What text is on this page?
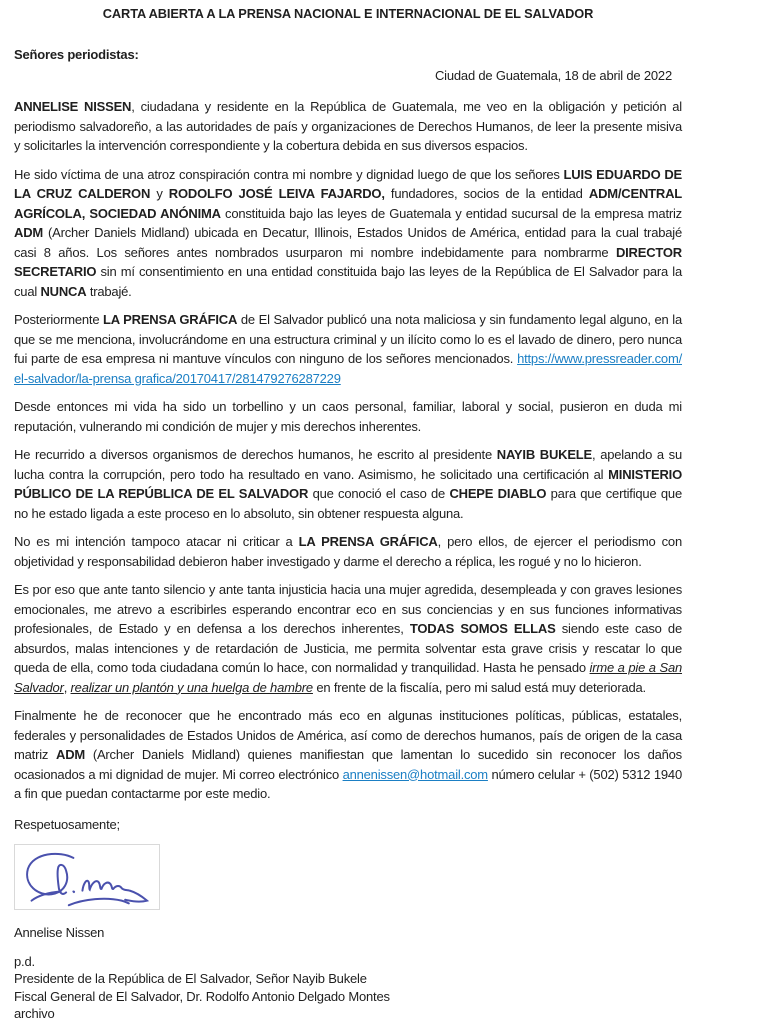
CARTA ABIERTA A LA PRENSA NACIONAL E INTERNACIONAL DE EL SALVADOR
Señores periodistas:
Ciudad de Guatemala, 18 de abril de 2022

ANNELISE NISSEN, ciudadana y residente en la República de Guatemala, me veo en la obligación y petición al periodismo salvadoreño, a las autoridades de país y organizaciones de Derechos Humanos, de leer la presente misiva y solicitarles la intervención correspondiente y la cobertura debida en sus diversos espacios.

He sido víctima de una atroz conspiración contra mi nombre y dignidad luego de que los señores LUIS EDUARDO DE LA CRUZ CALDERON y RODOLFO JOSÉ LEIVA FAJARDO, fundadores, socios de la entidad ADM/CENTRAL AGRÍCOLA, SOCIEDAD ANÓNIMA constituida bajo las leyes de Guatemala y entidad sucursal de la empresa matriz ADM (Archer Daniels Midland) ubicada en Decatur, Illinois, Estados Unidos de América, entidad para la cual trabajé casi 8 años. Los señores antes nombrados usurparon mi nombre indebidamente para nombrarme DIRECTOR SECRETARIO sin mí consentimiento en una entidad constituida bajo las leyes de la República de El Salvador para la cual NUNCA trabajé.

Posteriormente LA PRENSA GRÁFICA de El Salvador publicó una nota maliciosa y sin fundamento legal alguno, en la que se me menciona, involucrándome en una estructura criminal y un ilícito como lo es el lavado de dinero, pero nunca fui parte de esa empresa ni mantuve vínculos con ninguno de los señores mencionados. https://www.pressreader.com/el-salvador/la-prensa grafica/20170417/281479276287229

Desde entonces mi vida ha sido un torbellino y un caos personal, familiar, laboral y social, pusieron en duda mi reputación, vulnerando mi condición de mujer y mis derechos inherentes.

He recurrido a diversos organismos de derechos humanos, he escrito al presidente NAYIB BUKELE, apelando a su lucha contra la corrupción, pero todo ha resultado en vano. Asimismo, he solicitado una certificación al MINISTERIO PÚBLICO DE LA REPÚBLICA DE EL SALVADOR que conoció el caso de CHEPE DIABLO para que certifique que no he estado ligada a este proceso en lo absoluto, sin obtener respuesta alguna.

No es mi intención tampoco atacar ni criticar a LA PRENSA GRÁFICA, pero ellos, de ejercer el periodismo con objetividad y responsabilidad debieron haber investigado y darme el derecho a réplica, les rogué y no lo hicieron.

Es por eso que ante tanto silencio y ante tanta injusticia hacia una mujer agredida, desempleada y con graves lesiones emocionales, me atrevo a escribirles esperando encontrar eco en sus conciencias y en sus funciones informativas profesionales, de Estado y en defensa a los derechos inherentes, TODAS SOMOS ELLAS siendo este caso de absurdos, malas intenciones y de retardación de Justicia, me permita solventar esta grave crisis y rescatar lo que queda de ella, como toda ciudadana común lo hace, con normalidad y tranquilidad. Hasta he pensado irme a pie a San Salvador, realizar un plantón y una huelga de hambre en frente de la fiscalía, pero mi salud está muy deteriorada.

Finalmente he de reconocer que he encontrado más eco en algunas instituciones políticas, públicas, estatales, federales y personalidades de Estados Unidos de América, así como de derechos humanos, país de origen de la casa matriz ADM (Archer Daniels Midland) quienes manifiestan que lamentan lo sucedido sin reconocer los daños ocasionados a mi dignidad de mujer. Mi correo electrónico annenissen@hotmail.com número celular + (502) 5312 1940 a fin que puedan contactarme por este medio.

Respetuosamente;
Annelise Nissen
p.d.
Presidente de la República de El Salvador, Señor Nayib Bukele
Fiscal General de El Salvador, Dr. Rodolfo Antonio Delgado Montes
archivo
